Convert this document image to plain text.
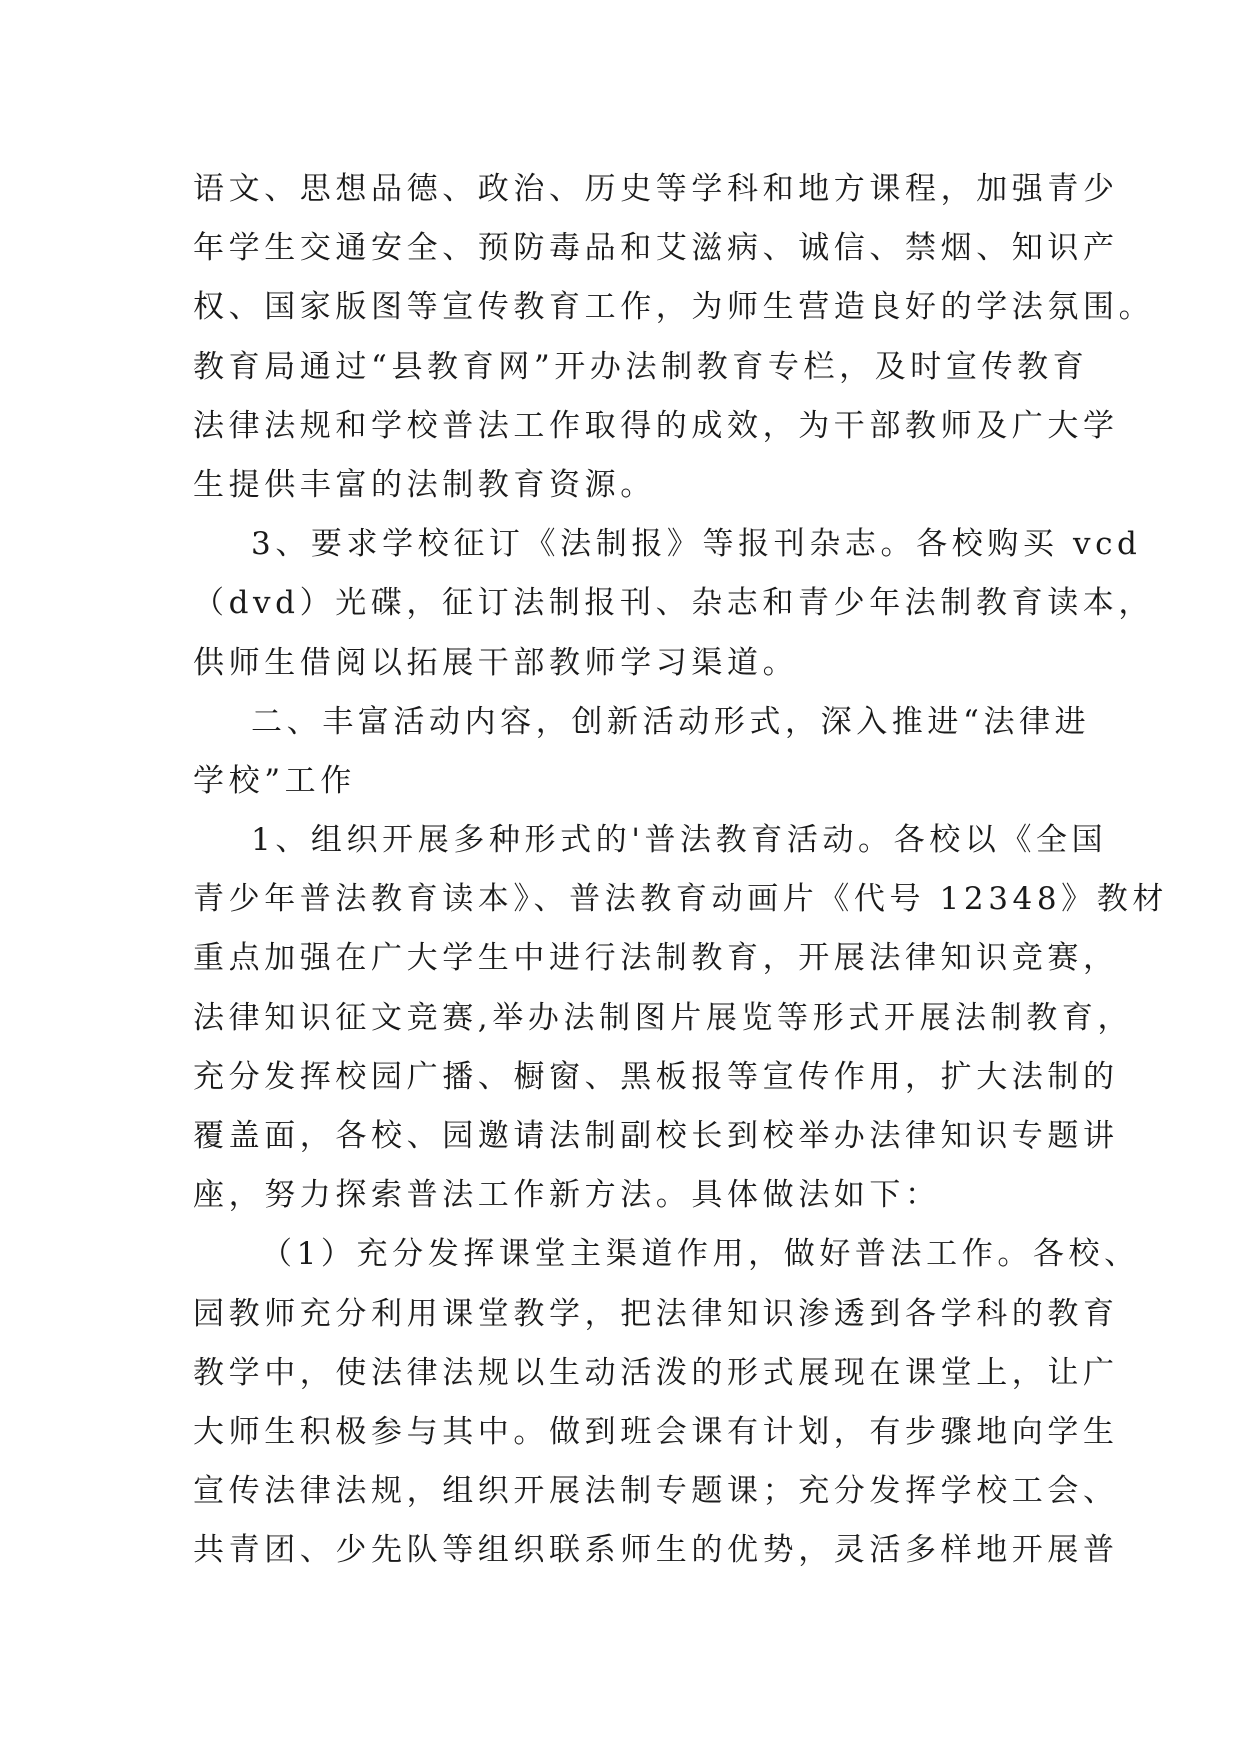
语文、思想品德、政治、历史等学科和地方课程，加强青少
年学生交通安全、预防毒品和艾滋病、诚信、禁烟、知识产
权、国家版图等宣传教育工作，为师生营造良好的学法氛围。
教育局通过“县教育网”开办法制教育专栏，及时宣传教育
法律法规和学校普法工作取得的成效，为干部教师及广大学
生提供丰富的法制教育资源。
3、要求学校征订《法制报》等报刊杂志。各校购买 vcd
（dvd）光碟，征订法制报刊、杂志和青少年法制教育读本，
供师生借阅以拓展干部教师学习渠道。
二、丰富活动内容，创新活动形式，深入推进“法律进
学校”工作
1、组织开展多种形式的'普法教育活动。各校以《全国
青少年普法教育读本》、普法教育动画片《代号 12348》教材
重点加强在广大学生中进行法制教育，开展法律知识竞赛，
法律知识征文竞赛,举办法制图片展览等形式开展法制教育，
充分发挥校园广播、橱窗、黑板报等宣传作用，扩大法制的
覆盖面，各校、园邀请法制副校长到校举办法律知识专题讲
座，努力探索普法工作新方法。具体做法如下：
（1）充分发挥课堂主渠道作用，做好普法工作。各校、
园教师充分利用课堂教学，把法律知识渗透到各学科的教育
教学中，使法律法规以生动活泼的形式展现在课堂上，让广
大师生积极参与其中。做到班会课有计划，有步骤地向学生
宣传法律法规，组织开展法制专题课；充分发挥学校工会、
共青团、少先队等组织联系师生的优势，灵活多样地开展普
